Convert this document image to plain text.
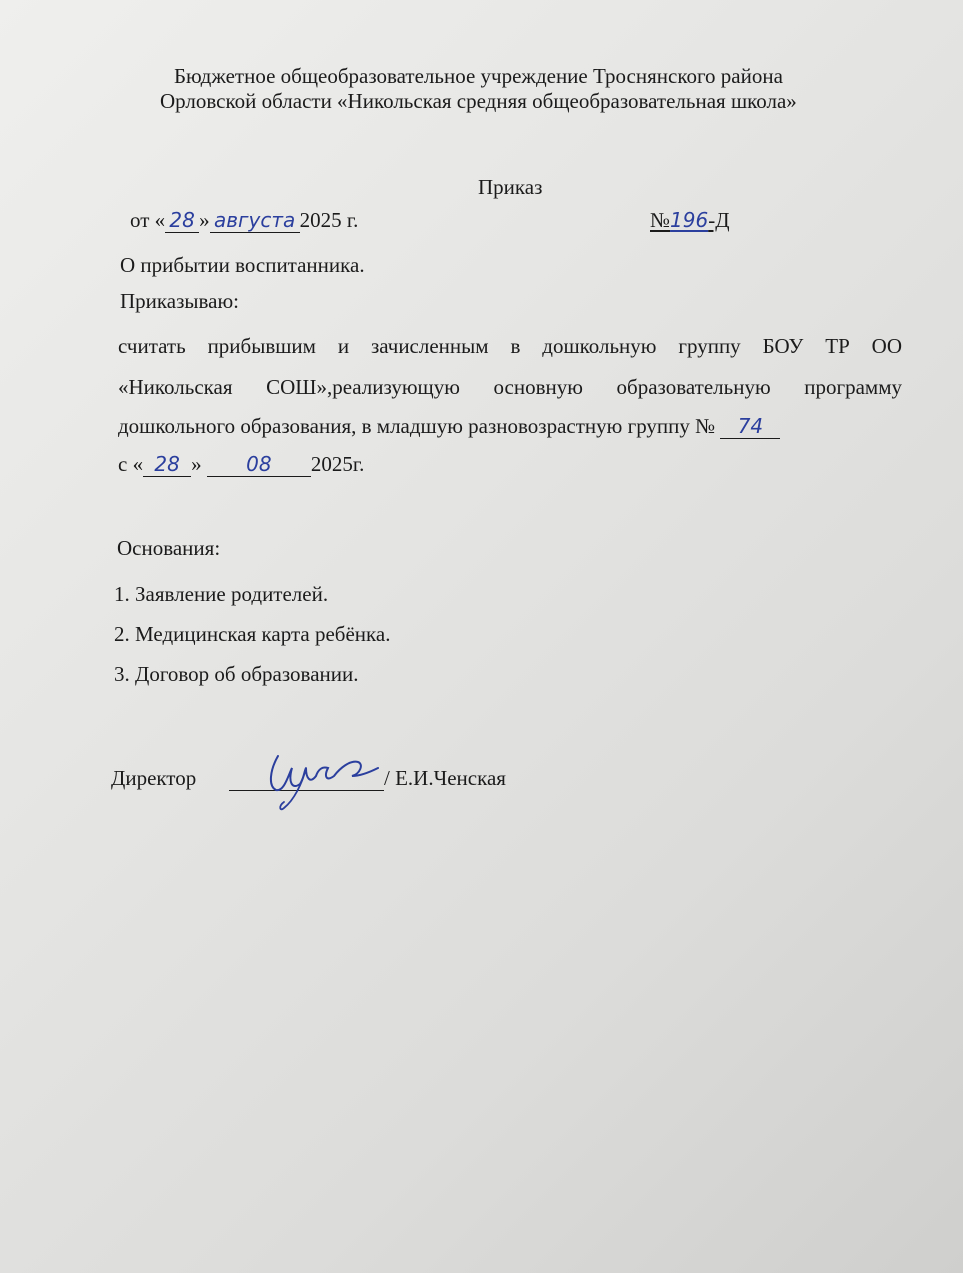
Бюджетное общеобразовательное учреждение Троснянского района
Орловской области «Никольская средняя общеобразовательная школа»
Приказ
от « 28 » августа 2025 г.	№196-Д
О прибытии воспитанника.
Приказываю:
считать прибывшим и зачисленным в дошкольную группу БОУ ТР ОО
«Никольская СОШ»,реализующую основную образовательную программу
дошкольного образования, в младшую разновозрастную группу № 74
с « 28 » 08 2025г.
Основания:
1. Заявление родителей.
2. Медицинская карта ребёнка.
3. Договор об образовании.
Директор	/ Е.И.Ченская
